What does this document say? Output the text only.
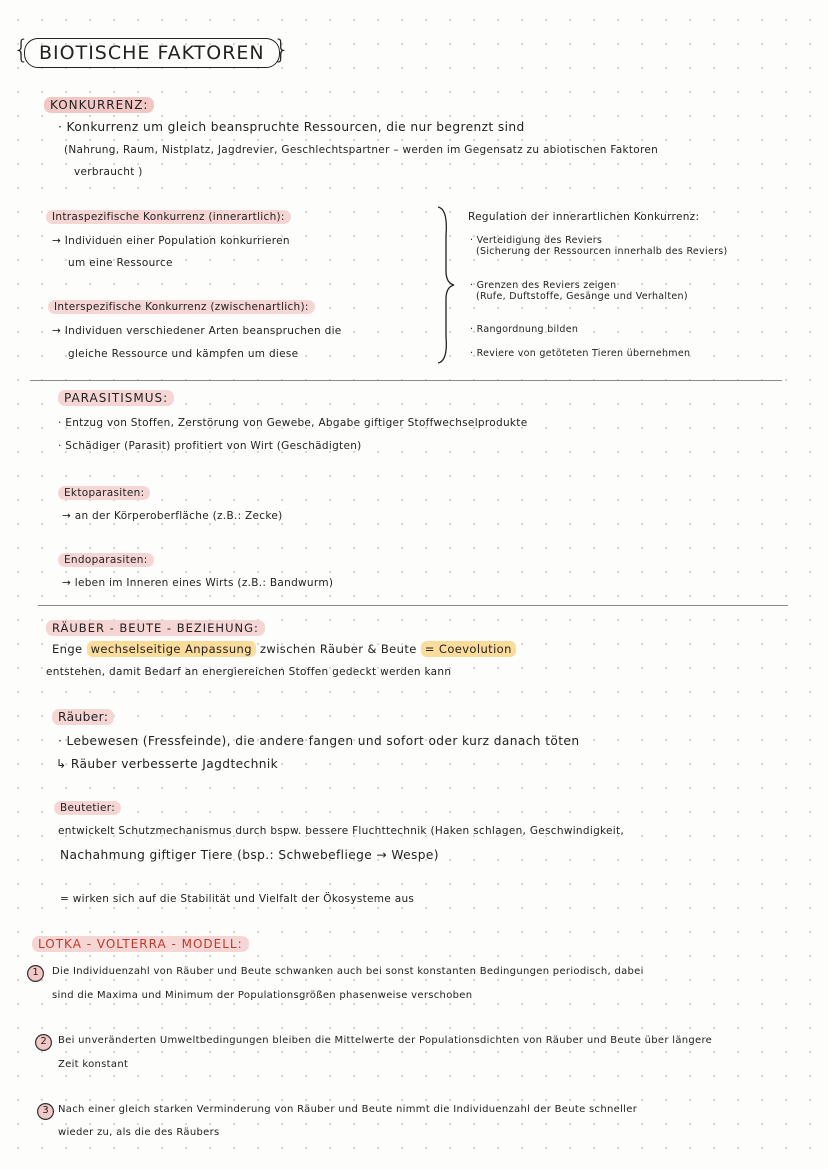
{ BIOTISCHE FAKTOREN }
KONKURRENZ:
· Konkurrenz um gleich beanspruchte Ressourcen, die nur begrenzt sind
(Nahrung, Raum, Nistplatz, Jagdrevier, Geschlechtspartner – werden im Gegensatz zu abiotischen Faktoren
verbraucht )
Intraspezifische Konkurrenz (innerartlich):
→ Individuen einer Population konkurrieren
um eine Ressource
Interspezifische Konkurrenz (zwischenartlich):
→ Individuen verschiedener Arten beanspruchen die
gleiche Ressource und kämpfen um diese
Regulation der innerartlichen Konkurrenz:
· Verteidigung des Reviers
(Sicherung der Ressourcen innerhalb des Reviers)
· Grenzen des Reviers zeigen
(Rufe, Duftstoffe, Gesänge und Verhalten)
· Rangordnung bilden
· Reviere von getöteten Tieren übernehmen
PARASITISMUS:
· Entzug von Stoffen, Zerstörung von Gewebe, Abgabe giftiger Stoffwechselprodukte
· Schädiger (Parasit) profitiert von Wirt (Geschädigten)
Ektoparasiten:
→ an der Körperoberfläche (z.B.: Zecke)
Endoparasiten:
→ leben im Inneren eines Wirts (z.B.: Bandwurm)
RÄUBER - BEUTE - BEZIEHUNG:
Enge wechselseitige Anpassung zwischen Räuber & Beute = Coevolution
entstehen, damit Bedarf an energiereichen Stoffen gedeckt werden kann
Räuber:
· Lebewesen (Fressfeinde), die andere fangen und sofort oder kurz danach töten
↳ Räuber verbesserte Jagdtechnik
Beutetier:
entwickelt Schutzmechanismus durch bspw. bessere Fluchttechnik (Haken schlagen, Geschwindigkeit,
Nachahmung giftiger Tiere (bsp.: Schwebefliege → Wespe)
= wirken sich auf die Stabilität und Vielfalt der Ökosysteme aus
LOTKA - VOLTERRA - MODELL:
1	Die Individuenzahl von Räuber und Beute schwanken auch bei sonst konstanten Bedingungen periodisch, dabei
sind die Maxima und Minimum der Populationsgrößen phasenweise verschoben
2	Bei unveränderten Umweltbedingungen bleiben die Mittelwerte der Populationsdichten von Räuber und Beute über längere
Zeit konstant
3 Nach einer gleich starken Verminderung von Räuber und Beute nimmt die Individuenzahl der Beute schneller
wieder zu, als die des Räubers
